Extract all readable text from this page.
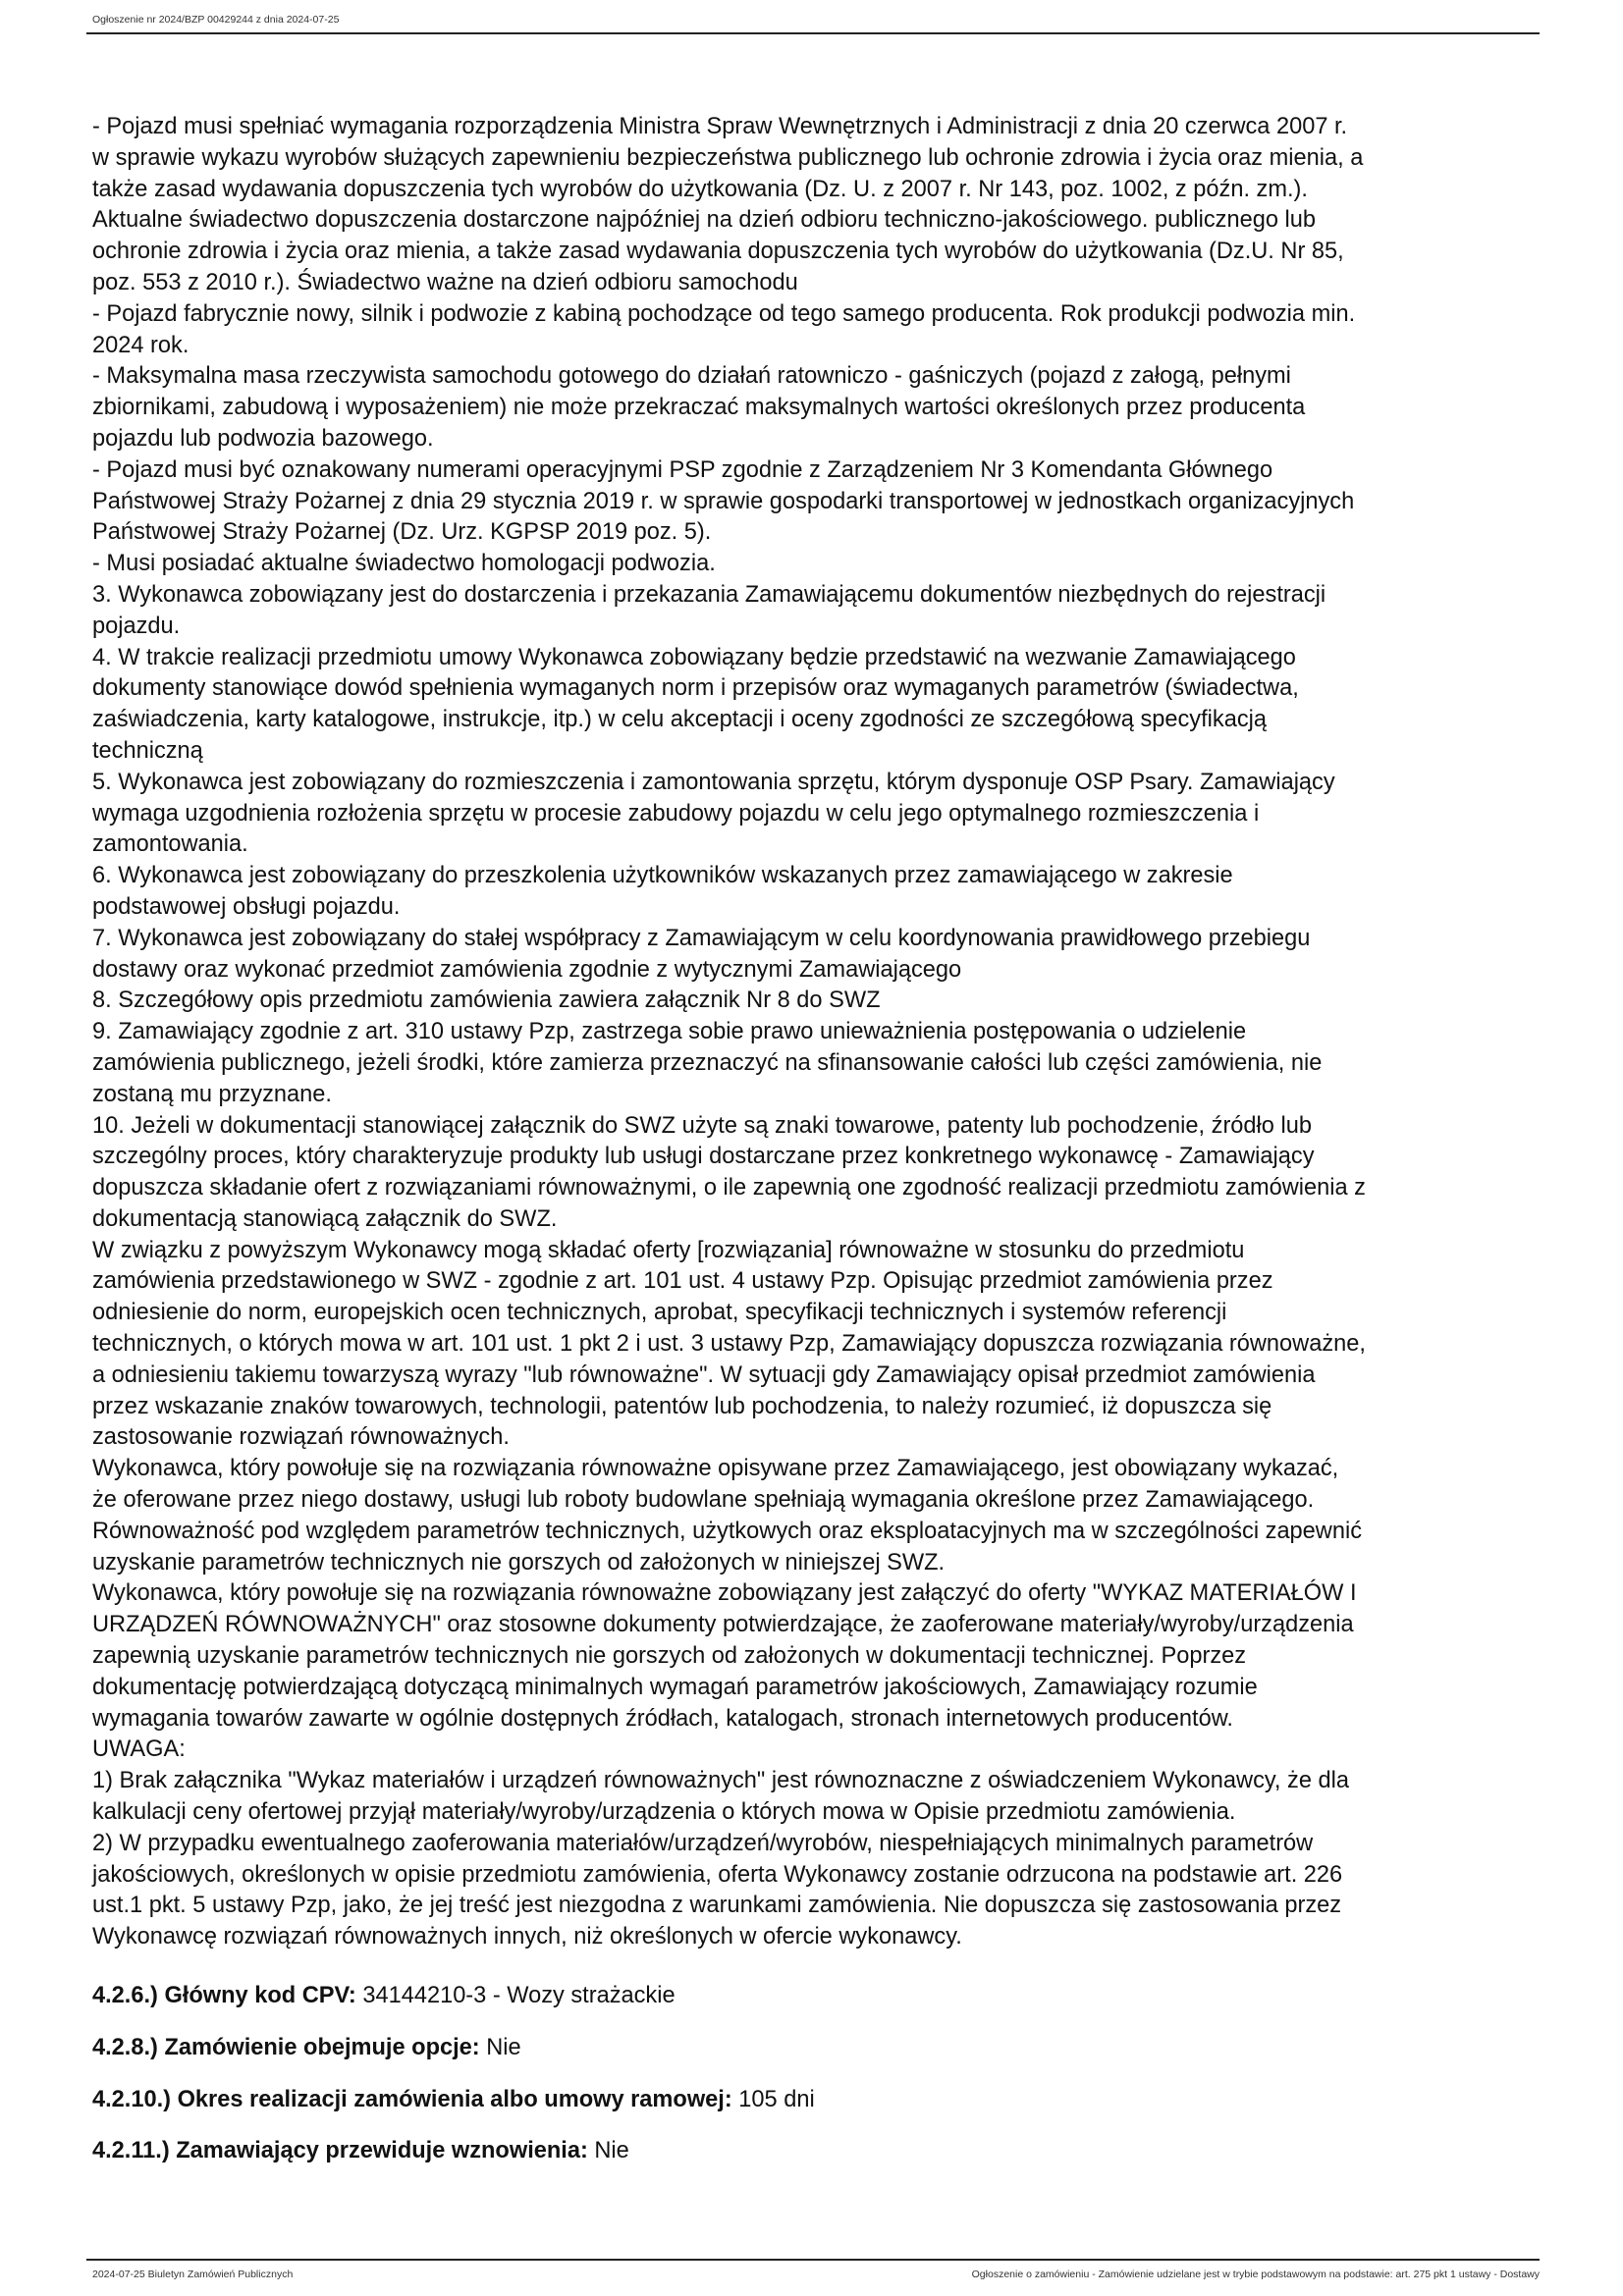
Ogłoszenie nr 2024/BZP 00429244 z dnia 2024-07-25

- Pojazd musi spełniać wymagania rozporządzenia Ministra Spraw Wewnętrznych i Administracji z dnia 20 czerwca 2007 r.

w sprawie wykazu wyrobów służących zapewnieniu bezpieczeństwa publicznego lub ochronie zdrowia i życia oraz mienia, a

także zasad wydawania dopuszczenia tych wyrobów do użytkowania (Dz. U. z 2007 r. Nr 143, poz. 1002, z późn. zm.).

Aktualne świadectwo dopuszczenia dostarczone najpóźniej na dzień odbioru techniczno-jakościowego. publicznego lub

ochronie zdrowia i życia oraz mienia, a także zasad wydawania dopuszczenia tych wyrobów do użytkowania (Dz.U. Nr 85,

poz. 553 z 2010 r.). Świadectwo ważne na dzień odbioru samochodu

- Pojazd fabrycznie nowy, silnik i podwozie z kabiną pochodzące od tego samego producenta. Rok produkcji podwozia min.

2024 rok.

- Maksymalna masa rzeczywista samochodu gotowego do działań ratowniczo - gaśniczych (pojazd z załogą, pełnymi

zbiornikami, zabudową i wyposażeniem) nie może przekraczać maksymalnych wartości określonych przez producenta

pojazdu lub podwozia bazowego.

- Pojazd musi być oznakowany numerami operacyjnymi PSP zgodnie z Zarządzeniem Nr 3 Komendanta Głównego

Państwowej Straży Pożarnej z dnia 29 stycznia 2019 r. w sprawie gospodarki transportowej w jednostkach organizacyjnych

Państwowej Straży Pożarnej (Dz. Urz. KGPSP 2019 poz. 5).

- Musi posiadać aktualne świadectwo homologacji podwozia.

3. Wykonawca zobowiązany jest do dostarczenia i przekazania Zamawiającemu dokumentów niezbędnych do rejestracji

pojazdu.

4. W trakcie realizacji przedmiotu umowy Wykonawca zobowiązany będzie przedstawić na wezwanie Zamawiającego

dokumenty stanowiące dowód spełnienia wymaganych norm i przepisów oraz wymaganych parametrów (świadectwa,

zaświadczenia, karty katalogowe, instrukcje, itp.) w celu akceptacji i oceny zgodności ze szczegółową specyfikacją

techniczną

5. Wykonawca jest zobowiązany do rozmieszczenia i zamontowania sprzętu, którym dysponuje OSP Psary. Zamawiający

wymaga uzgodnienia rozłożenia sprzętu w procesie zabudowy pojazdu w celu jego optymalnego rozmieszczenia i

zamontowania.

6. Wykonawca jest zobowiązany do przeszkolenia użytkowników wskazanych przez zamawiającego w zakresie

podstawowej obsługi pojazdu.

7. Wykonawca jest zobowiązany do stałej współpracy z Zamawiającym w celu koordynowania prawidłowego przebiegu

dostawy oraz wykonać przedmiot zamówienia zgodnie z wytycznymi Zamawiającego

8. Szczegółowy opis przedmiotu zamówienia zawiera załącznik Nr 8 do SWZ

9. Zamawiający zgodnie z art. 310 ustawy Pzp, zastrzega sobie prawo unieważnienia postępowania o udzielenie

zamówienia publicznego, jeżeli środki, które zamierza przeznaczyć na sfinansowanie całości lub części zamówienia, nie

zostaną mu przyznane.

10. Jeżeli w dokumentacji stanowiącej załącznik do SWZ użyte są znaki towarowe, patenty lub pochodzenie, źródło lub

szczególny proces, który charakteryzuje produkty lub usługi dostarczane przez konkretnego wykonawcę - Zamawiający

dopuszcza składanie ofert z rozwiązaniami równoważnymi, o ile zapewnią one zgodność realizacji przedmiotu zamówienia z

dokumentacją stanowiącą załącznik do SWZ.

W związku z powyższym Wykonawcy mogą składać oferty [rozwiązania] równoważne w stosunku do przedmiotu

zamówienia przedstawionego w SWZ - zgodnie z art. 101 ust. 4 ustawy Pzp. Opisując przedmiot zamówienia przez

odniesienie do norm, europejskich ocen technicznych, aprobat, specyfikacji technicznych i systemów referencji

technicznych, o których mowa w art. 101 ust. 1 pkt 2 i ust. 3 ustawy Pzp, Zamawiający dopuszcza rozwiązania równoważne,

a odniesieniu takiemu towarzyszą wyrazy "lub równoważne". W sytuacji gdy Zamawiający opisał przedmiot zamówienia

przez wskazanie znaków towarowych, technologii, patentów lub pochodzenia, to należy rozumieć, iż dopuszcza się

zastosowanie rozwiązań równoważnych.

Wykonawca, który powołuje się na rozwiązania równoważne opisywane przez Zamawiającego, jest obowiązany wykazać,

że oferowane przez niego dostawy, usługi lub roboty budowlane spełniają wymagania określone przez Zamawiającego.

Równoważność pod względem parametrów technicznych, użytkowych oraz eksploatacyjnych ma w szczególności zapewnić

uzyskanie parametrów technicznych nie gorszych od założonych w niniejszej SWZ.

Wykonawca, który powołuje się na rozwiązania równoważne zobowiązany jest załączyć do oferty "WYKAZ MATERIAŁÓW I

URZĄDZEŃ RÓWNOWAŻNYCH" oraz stosowne dokumenty potwierdzające, że zaoferowane materiały/wyroby/urządzenia

zapewnią uzyskanie parametrów technicznych nie gorszych od założonych w dokumentacji technicznej. Poprzez

dokumentację potwierdzającą dotyczącą minimalnych wymagań parametrów jakościowych, Zamawiający rozumie

wymagania towarów zawarte w ogólnie dostępnych źródłach, katalogach, stronach internetowych producentów.

UWAGA:

1) Brak załącznika "Wykaz materiałów i urządzeń równoważnych" jest równoznaczne z oświadczeniem Wykonawcy, że dla

kalkulacji ceny ofertowej przyjął materiały/wyroby/urządzenia o których mowa w Opisie przedmiotu zamówienia.

2) W przypadku ewentualnego zaoferowania materiałów/urządzeń/wyrobów, niespełniających minimalnych parametrów

jakościowych, określonych w opisie przedmiotu zamówienia, oferta Wykonawcy zostanie odrzucona na podstawie art. 226

ust.1 pkt. 5 ustawy Pzp, jako, że jej treść jest niezgodna z warunkami zamówienia. Nie dopuszcza się zastosowania przez

Wykonawcę rozwiązań równoważnych innych, niż określonych w ofercie wykonawcy.

4.2.6.) Główny kod CPV: 34144210-3 - Wozy strażackie

4.2.8.) Zamówienie obejmuje opcje: Nie

4.2.10.) Okres realizacji zamówienia albo umowy ramowej: 105 dni

4.2.11.) Zamawiający przewiduje wznowienia: Nie

2024-07-25 Biuletyn Zamówień Publicznych	Ogłoszenie o zamówieniu - Zamówienie udzielane jest w trybie podstawowym na podstawie: art. 275 pkt 1 ustawy - Dostawy
